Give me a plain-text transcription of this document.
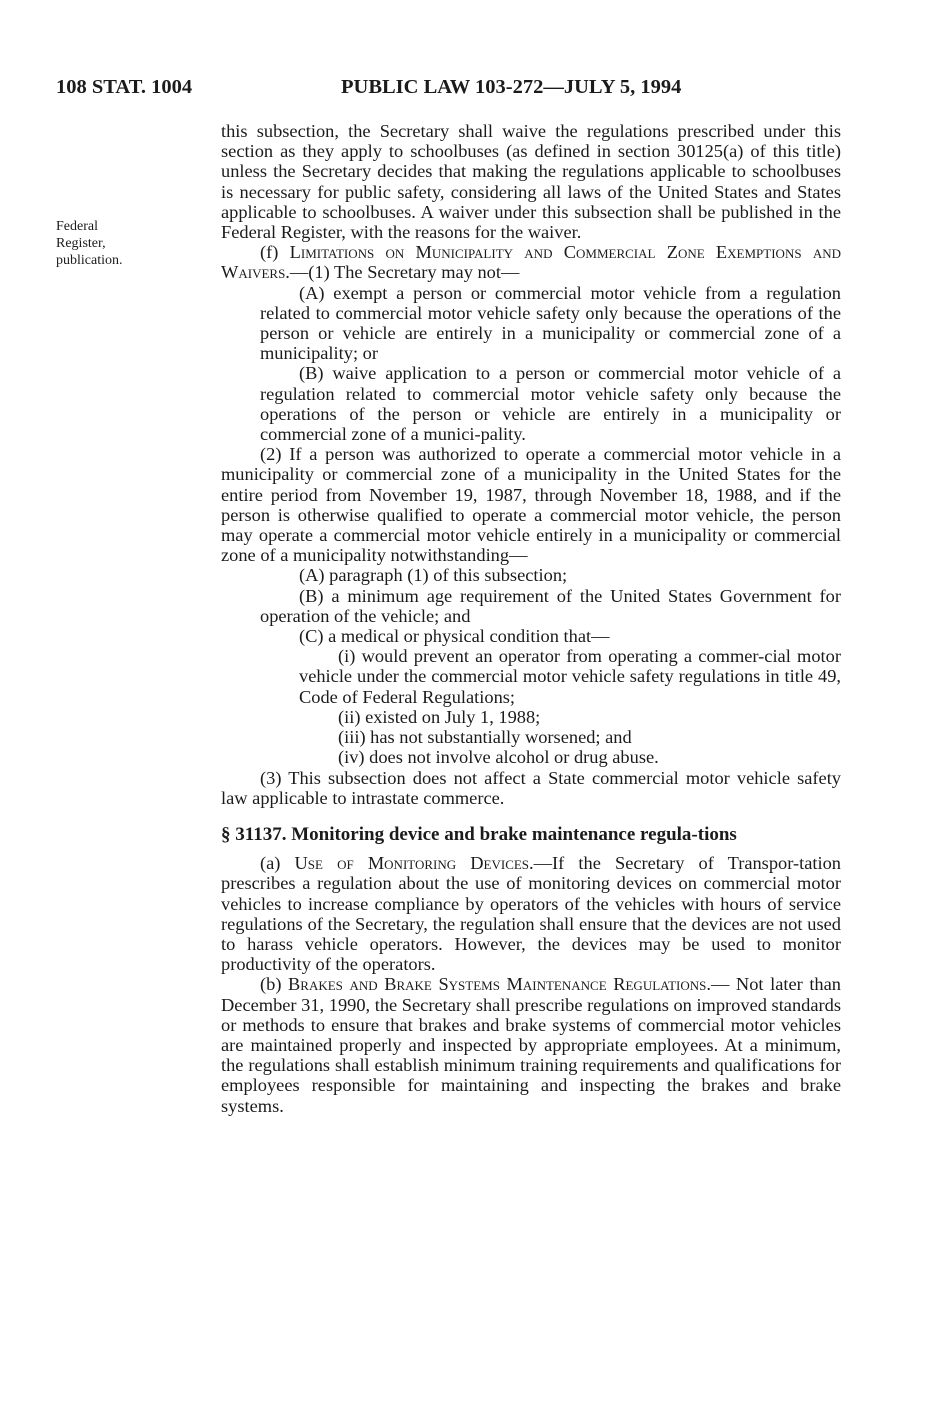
108 STAT. 1004	PUBLIC LAW 103-272—JULY 5, 1994
Federal
Register,
publication.

this subsection, the Secretary shall waive the regulations prescribed under this section as they apply to schoolbuses (as defined in section 30125(a) of this title) unless the Secretary decides that making the regulations applicable to schoolbuses is necessary for public safety, considering all laws of the United States and States applicable to schoolbuses. A waiver under this subsection shall be published in the Federal Register, with the reasons for the waiver.

(f) Limitations on Municipality and Commercial Zone Exemptions and Waivers.—(1) The Secretary may not—

(A) exempt a person or commercial motor vehicle from a regulation related to commercial motor vehicle safety only because the operations of the person or vehicle are entirely in a municipality or commercial zone of a municipality; or

(B) waive application to a person or commercial motor vehicle of a regulation related to commercial motor vehicle safety only because the operations of the person or vehicle are entirely in a municipality or commercial zone of a munici-pality.

(2) If a person was authorized to operate a commercial motor vehicle in a municipality or commercial zone of a municipality in the United States for the entire period from November 19, 1987, through November 18, 1988, and if the person is otherwise qualified to operate a commercial motor vehicle, the person may operate a commercial motor vehicle entirely in a municipality or commercial zone of a municipality notwithstanding—

(A) paragraph (1) of this subsection;

(B) a minimum age requirement of the United States Government for operation of the vehicle; and

(C) a medical or physical condition that—

(i) would prevent an operator from operating a commer-cial motor vehicle under the commercial motor vehicle safety regulations in title 49, Code of Federal Regulations;

(ii) existed on July 1, 1988;

(iii) has not substantially worsened; and

(iv) does not involve alcohol or drug abuse.

(3) This subsection does not affect a State commercial motor vehicle safety law applicable to intrastate commerce.

§ 31137. Monitoring device and brake maintenance regula-tions

(a) Use of Monitoring Devices.—If the Secretary of Transpor-tation prescribes a regulation about the use of monitoring devices on commercial motor vehicles to increase compliance by operators of the vehicles with hours of service regulations of the Secretary, the regulation shall ensure that the devices are not used to harass vehicle operators. However, the devices may be used to monitor productivity of the operators.

(b) Brakes and Brake Systems Maintenance Regulations.— Not later than December 31, 1990, the Secretary shall prescribe regulations on improved standards or methods to ensure that brakes and brake systems of commercial motor vehicles are maintained properly and inspected by appropriate employees. At a minimum, the regulations shall establish minimum training requirements and qualifications for employees responsible for maintaining and inspecting the brakes and brake systems.
